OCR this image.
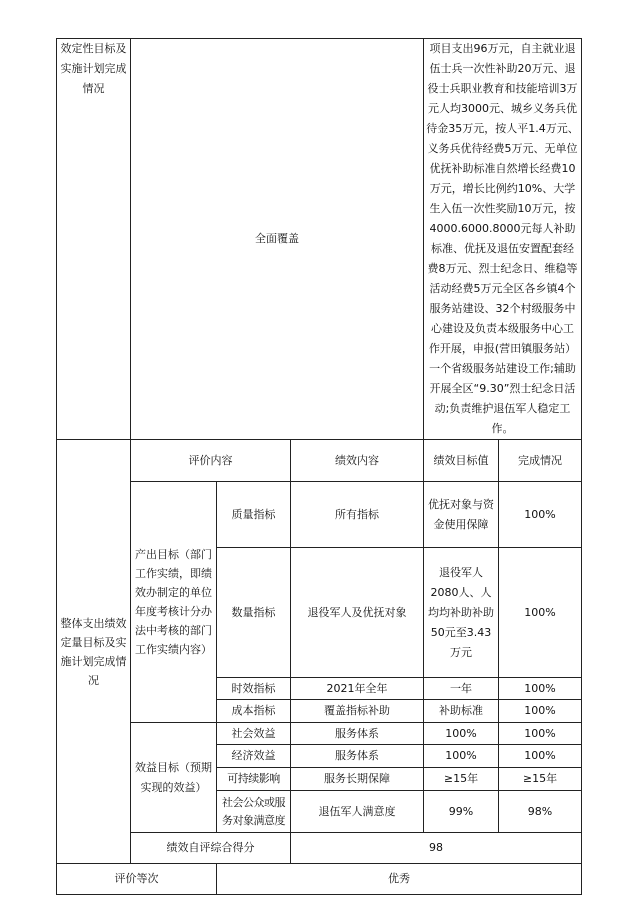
效定性目标及实施计划完成情况	全面覆盖			项目支出96万元，自主就业退伍士兵一次性补助20万元、退役士兵职业教育和技能培训3万元人均3000元、城乡义务兵优待金35万元，按人平1.4万元、义务兵优待经费5万元、无单位优抚补助标准自然增长经费10万元，增长比例约10%、大学生入伍一次性奖励10万元，按4000.6000.8000元每人补助标准、优抚及退伍安置配套经费8万元、烈士纪念日、维稳等活动经费5万元全区各乡镇4个服务站建设、32个村级服务中心建设及负责本级服务中心工作开展，申报(营田镇服务站）一个省级服务站建设工作;辅助开展全区“9.30”烈士纪念日活动;负责维护退伍军人稳定工作。	
整体支出绩效定量目标及实施计划完成情况	评价内容		绩效内容	绩效目标值	完成情况
	产出目标（部门工作实绩，即绩效办制定的单位年度考核计分办法中考核的部门工作实绩内容）	质量指标	所有指标	优抚对象与资金使用保障	100%
		数量指标	退役军人及优抚对象	退役军人2080人、人均均补助补助50元至3.43万元	100%
		时效指标	2021年全年	一年	100%
		成本指标	覆盖指标补助	补助标准	100%
	效益目标（预期实现的效益）	社会效益	服务体系	100%	100%
		经济效益	服务体系	100%	100%
		可持续影响	服务长期保障	≥15年	≥15年
		社会公众或服务对象满意度	退伍军人满意度	99%	98%
	绩效自评综合得分		98		
评价等次		优秀			
